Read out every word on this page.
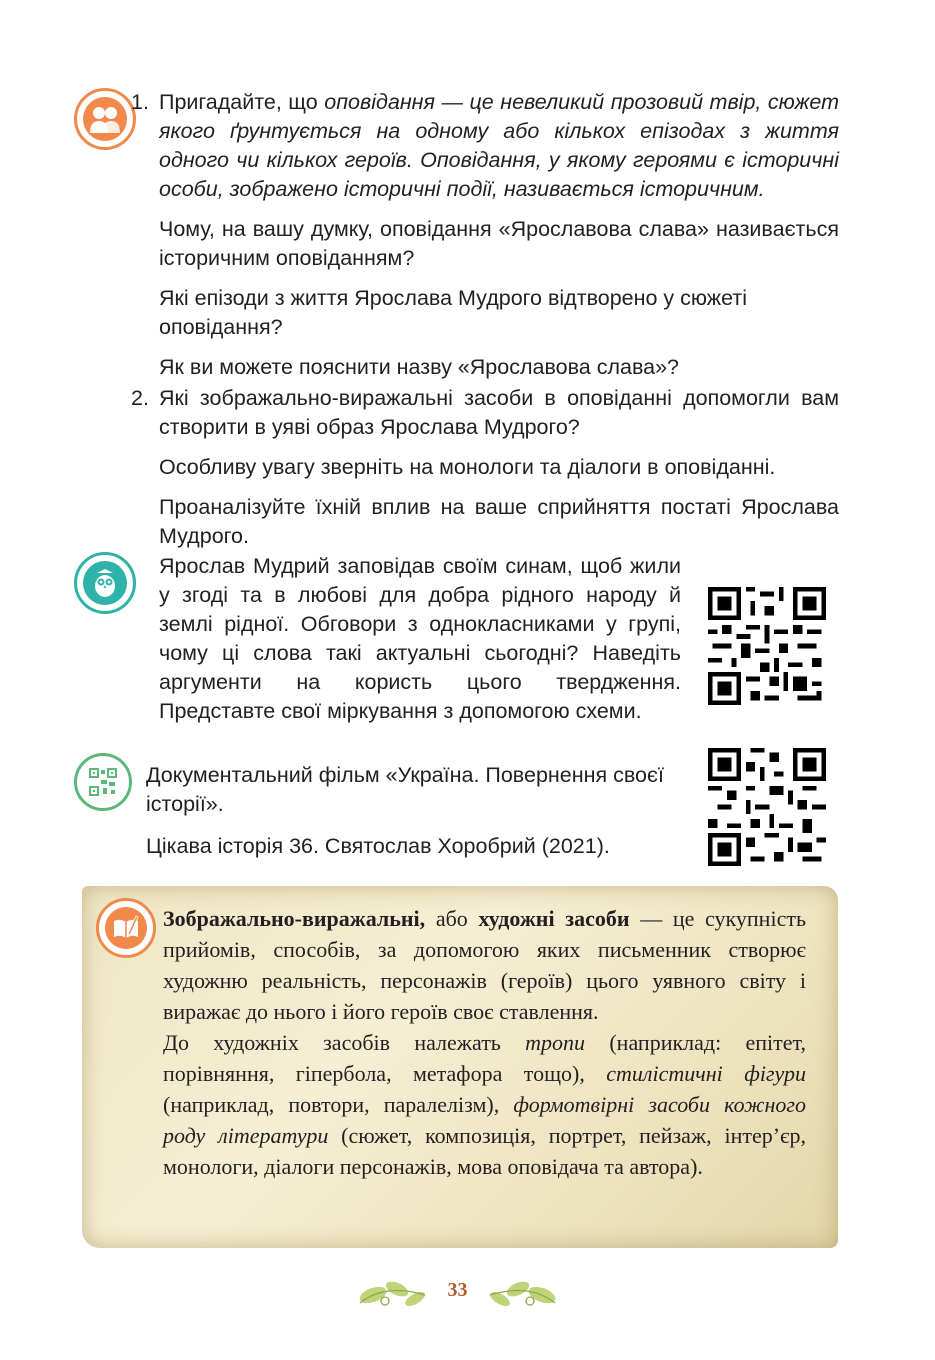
1. Пригадайте, що оповідання — це невеликий прозовий твір, сюжет якого ґрунтується на одному або кількох епізодах з життя одного чи кількох героїв. Оповідання, у якому героями є історичні особи, зображено історичні події, називається історичним.

Чому, на вашу думку, оповідання «Ярославова слава» називається історичним оповіданням?

Які епізоди з життя Ярослава Мудрого відтворено у сюжеті оповідання?

Як ви можете пояснити назву «Ярославова слава»?

2. Які зображально-виражальні засоби в оповіданні допомогли вам створити в уяві образ Ярослава Мудрого?

Особливу увагу зверніть на монологи та діалоги в оповіданні.

Проаналізуйте їхній вплив на ваше сприйняття постаті Ярослава Мудрого.

Ярослав Мудрий заповідав своїм синам, щоб жили у згоді та в любові для добра рідного народу й землі рідної. Обговори з однокласниками у групі, чому ці слова такі актуальні сьогодні? Наведіть аргументи на користь цього твердження. Представте свої міркування з допомогою схеми.

Документальний фільм «Україна. Повернення своєї історії».

Цікава історія 36. Святослав Хоробрий (2021).

Зображально-виражальні, або художні засоби — це сукупність прийомів, способів, за допомогою яких письменник створює художню реальність, персонажів (героїв) цього уявного світу і виражає до нього і його героїв своє ставлення.

До художніх засобів належать тропи (наприклад: епітет, порівняння, гіпербола, метафора тощо), стилістичні фігури (наприклад, повтори, паралелізм), формотвірні засоби кожного роду літератури (сюжет, композиція, портрет, пейзаж, інтер’єр, монологи, діалоги персонажів, мова оповідача та автора).

33
